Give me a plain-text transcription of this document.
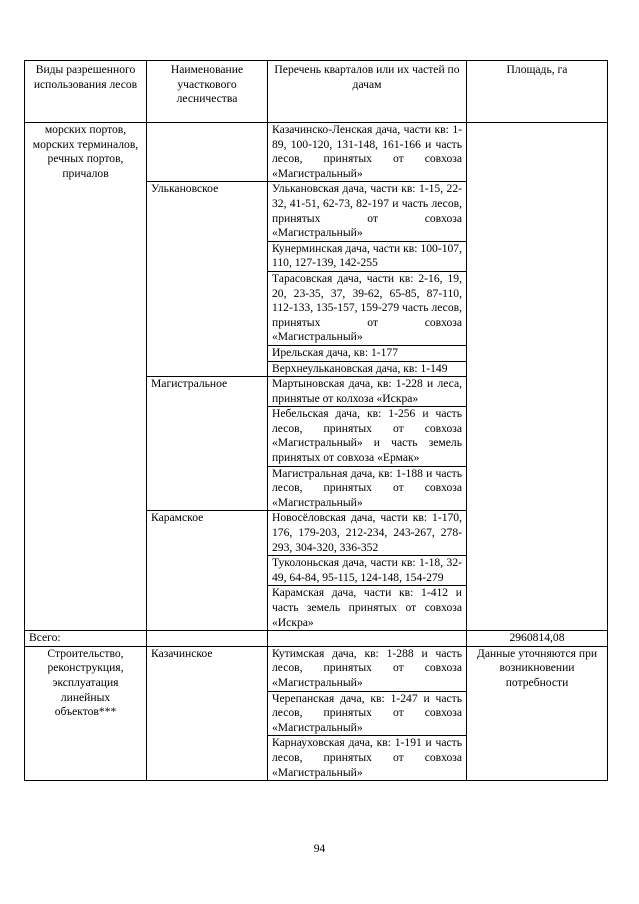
Виды разрешенного использования лесов	Наименование участкового лесничества	Перечень кварталов или их частей по дачам	Площадь, га
морских портов, морских терминалов, речных портов, причалов		Казачинско-Ленская дача, части кв: 1-89, 100-120, 131-148, 161-166 и часть лесов, принятых от совхоза «Магистральный»	
	Улькановское	Улькановская дача, части кв: 1-15, 22-32, 41-51, 62-73, 82-197 и часть лесов, принятых от совхоза «Магистральный»	
		Кунерминская дача, части кв: 100-107, 110, 127-139, 142-255	
		Тарасовская дача, части кв: 2-16, 19, 20, 23-35, 37, 39-62, 65-85, 87-110, 112-133, 135-157, 159-279 часть лесов, принятых от совхоза «Магистральный»	
		Ирельская дача, кв: 1-177	
		Верхнеулькановская дача, кв: 1-149	
	Магистральное	Мартыновская дача, кв: 1-228 и леса, принятые от колхоза «Искра»	
		Небельская дача, кв: 1-256 и часть лесов, принятых от совхоза «Магистральный» и часть земель принятых от совхоза «Ермак»	
		Магистральная дача, кв: 1-188 и часть лесов, принятых от совхоза «Магистральный»	
	Карамское	Новосёловская дача, части кв: 1-170, 176, 179-203, 212-234, 243-267, 278-293, 304-320, 336-352	
		Туколоньская дача, части кв: 1-18, 32-49, 64-84, 95-115, 124-148, 154-279	
		Карамская дача, части кв: 1-412 и часть земель принятых от совхоза «Искра»	
Всего:			2960814,08
Строительство, реконструкция, эксплуатация линейных объектов***	Казачинское	Кутимская дача, кв: 1-288 и часть лесов, принятых от совхоза «Магистральный»	Данные уточняются при возникновении потребности
		Черепанская дача, кв: 1-247 и часть лесов, принятых от совхоза «Магистральный»	
		Карнауховская дача, кв: 1-191 и часть лесов, принятых от совхоза «Магистральный»	
94
